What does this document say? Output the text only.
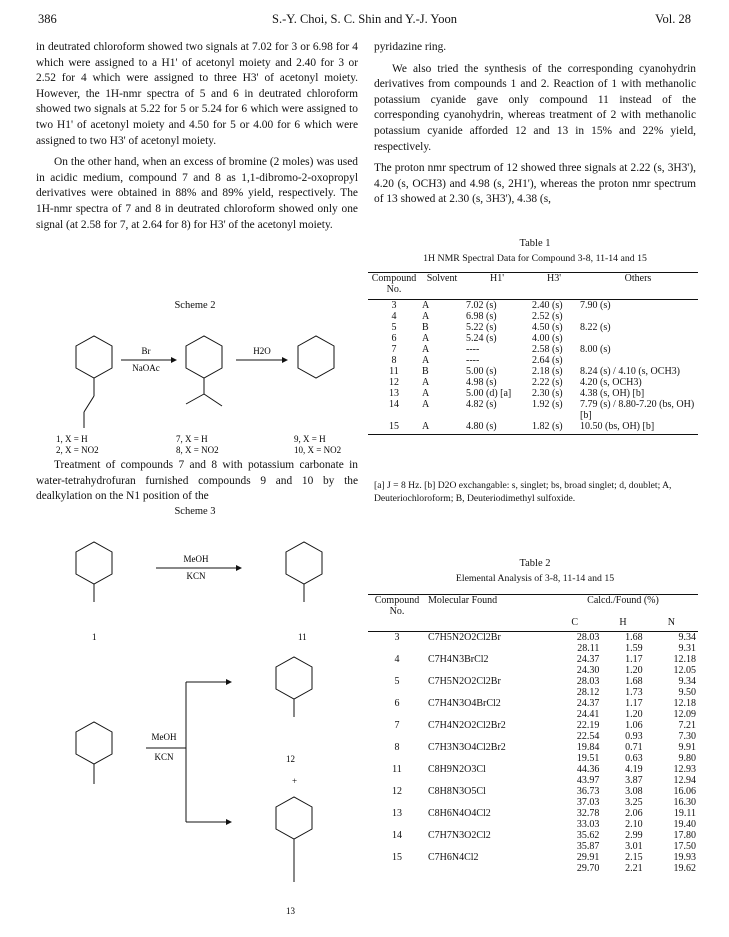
386	S.-Y. Choi, S. C. Shin and Y.-J. Yoon	Vol. 28

in deutrated chloroform showed two signals at 7.02 for 3 or 6.98 for 4 which were assigned to a H1' of acetonyl moiety and 2.40 for 3 or 2.52 for 4 which were assigned to three H3' of acetonyl moiety. However, the 1H-nmr spectra of 5 and 6 in deutrated chloroform showed two signals at 5.22 for 5 or 5.24 for 6 which were assigned to two H1' of acetonyl moiety and 4.50 for 5 or 4.00 for 6 which were assigned to two H3' of acetonyl moiety.

On the other hand, when an excess of bromine (2 moles) was used in acidic medium, compound 7 and 8 as 1,1-dibromo-2-oxopropyl derivatives were obtained in 88% and 89% yield, respectively. The 1H-nmr spectra of 7 and 8 in deutrated chloroform showed only one signal (at 2.58 for 7, at 2.64 for 8) for H3' of the acetonyl moiety.

Scheme 2
Br
NaOAc
H2O
1, X = H
2, X = NO2
7, X = H
8, X = NO2
9, X = H
10, X = NO2

Treatment of compounds 7 and 8 with potassium carbonate in water-tetrahydrofuran furnished compounds 9 and 10 by the dealkylation on the N1 position of the

Scheme 3
MeOH
KCN
1	11
MeOH
KCN	12
+
13

pyridazine ring.

We also tried the synthesis of the corresponding cyanohydrin derivatives from compounds 1 and 2. Reaction of 1 with methanolic potassium cyanide gave only compound 11 instead of the corresponding cyanohydrin, whereas treatment of 2 with methanolic potassium cyanide afforded 12 and 13 in 15% and 22% yield, respectively.

The proton nmr spectrum of 12 showed three signals at 2.22 (s, 3H3'), 4.20 (s, OCH3) and 4.98 (s, 2H1'), whereas the proton nmr spectrum of 13 showed at 2.30 (s, 3H3'), 4.38 (s,

Table 1
1H NMR Spectral Data for Compound 3-8, 11-14 and 15
Compound No.	Solvent	H1'	H3'	Others

3	A	7.02 (s)	2.40 (s)	7.90 (s)
4	A	6.98 (s)	2.52 (s)	
5	B	5.22 (s)	4.50 (s)	8.22 (s)
6	A	5.24 (s)	4.00 (s)	
7	A	----	2.58 (s)	8.00 (s)
8	A	----	2.64 (s)	
11	B	5.00 (s)	2.18 (s)	8.24 (s) / 4.10 (s, OCH3)
12	A	4.98 (s)	2.22 (s)	4.20 (s, OCH3)
13	A	5.00 (d) [a]	2.30 (s)	4.38 (s, OH) [b]
14	A	4.82 (s)	1.92 (s)	7.79 (s) / 8.80-7.20 (bs, OH) [b]
15	A	4.80 (s)	1.82 (s)	10.50 (bs, OH) [b]

[a] J = 8 Hz. [b] D2O exchangable: s, singlet; bs, broad singlet; d, doublet; A, Deuteriochloroform; B, Deuteriodimethyl sulfoxide.
Table 2
Elemental Analysis of 3-8, 11-14 and 15
Compound No.	Molecular Found	Calcd./Found (%)		
		C	H	N

3	C7H5N2O2Cl2Br	28.03	1.68	9.34
		28.11	1.59	9.31
4	C7H4N3BrCl2	24.37	1.17	12.18
		24.30	1.20	12.05
5	C7H5N2O2Cl2Br	28.03	1.68	9.34
		28.12	1.73	9.50
6	C7H4N3O4BrCl2	24.37	1.17	12.18
		24.41	1.20	12.09
7	C7H4N2O2Cl2Br2	22.19	1.06	7.21
		22.54	0.93	7.30
8	C7H3N3O4Cl2Br2	19.84	0.71	9.91
		19.51	0.63	9.80
11	C8H9N2O3Cl	44.36	4.19	12.93
		43.97	3.87	12.94
12	C8H8N3O5Cl	36.73	3.08	16.06
		37.03	3.25	16.30
13	C8H6N4O4Cl2	32.78	2.06	19.11
		33.03	2.10	19.40
14	C7H7N3O2Cl2	35.62	2.99	17.80
		35.87	3.01	17.50
15	C7H6N4Cl2	29.91	2.15	19.93
		29.70	2.21	19.62
